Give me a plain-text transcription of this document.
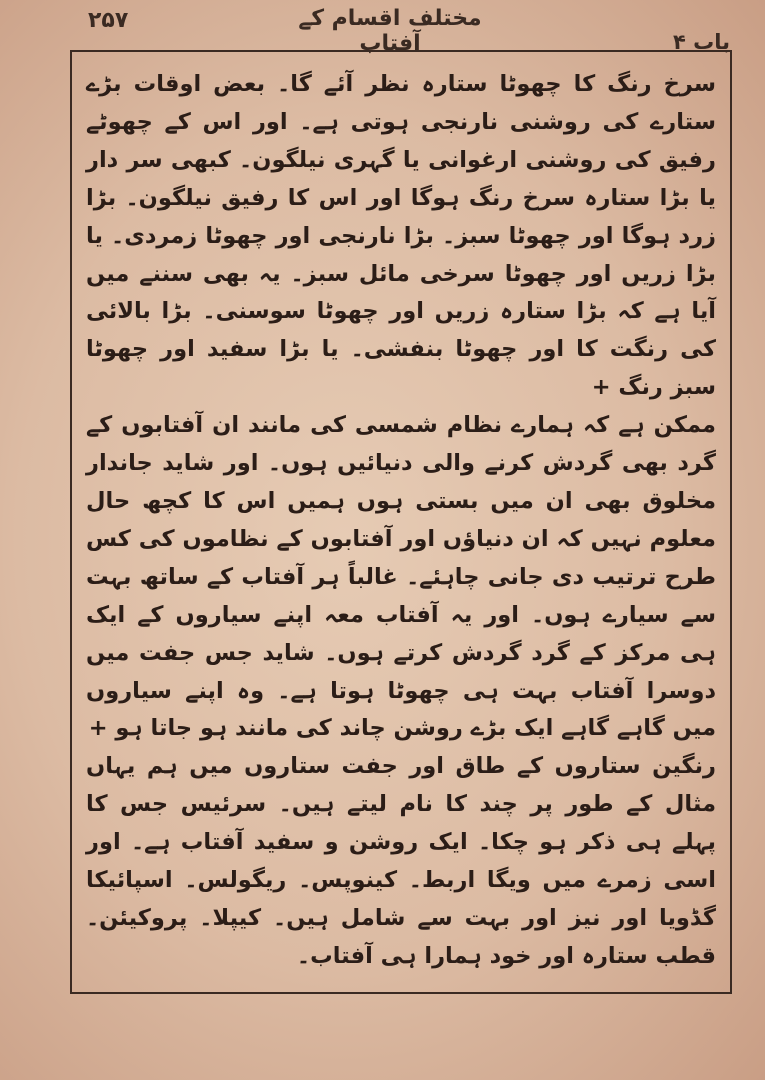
۲۵۷	مختلف اقسام کے آفتاب	باب ۴

سرخ رنگ کا چھوٹا ستارہ نظر آئے گا۔ بعض اوقات بڑے ستارے کی روشنی نارنجی ہوتی ہے۔ اور اس کے چھوٹے رفیق کی روشنی ارغوانی یا گہری نیلگون۔ کبھی سر دار یا بڑا ستارہ سرخ رنگ ہوگا اور اس کا رفیق نیلگون۔ بڑا زرد ہوگا اور چھوٹا سبز۔ بڑا نارنجی اور چھوٹا زمردی۔ یا بڑا زریں اور چھوٹا سرخی مائل سبز۔ یہ بھی سننے میں آیا ہے کہ بڑا ستارہ زریں اور چھوٹا سوسنی۔ بڑا بالائی کی رنگت کا اور چھوٹا بنفشی۔ یا بڑا سفید اور چھوٹا سبز رنگ +

ممکن ہے کہ ہمارے نظام شمسی کی مانند ان آفتابوں کے گرد بھی گردش کرنے والی دنیائیں ہوں۔ اور شاید جاندار مخلوق بھی ان میں بستی ہوں ہمیں اس کا کچھ حال معلوم نہیں کہ ان دنیاؤں اور آفتابوں کے نظاموں کی کس طرح ترتیب دی جانی چاہئے۔ غالباً ہر آفتاب کے ساتھ بہت سے سیارے ہوں۔ اور یہ آفتاب معہ اپنے سیاروں کے ایک ہی مرکز کے گرد گردش کرتے ہوں۔ شاید جس جفت میں دوسرا آفتاب بہت ہی چھوٹا ہوتا ہے۔ وہ اپنے سیاروں میں گاہے گاہے ایک بڑے روشن چاند کی مانند ہو جاتا ہو +

رنگین ستاروں کے طاق اور جفت ستاروں میں ہم یہاں مثال کے طور پر چند کا نام لیتے ہیں۔ سرئیس جس کا پہلے ہی ذکر ہو چکا۔ ایک روشن و سفید آفتاب ہے۔ اور اسی زمرے میں ویگا اربط۔ کینوپس۔ ریگولس۔ اسپائیکا گڈویا اور نیز اور بہت سے شامل ہیں۔ کیپلا۔ پروکیئن۔ قطب ستارہ اور خود ہمارا ہی آفتاب۔
